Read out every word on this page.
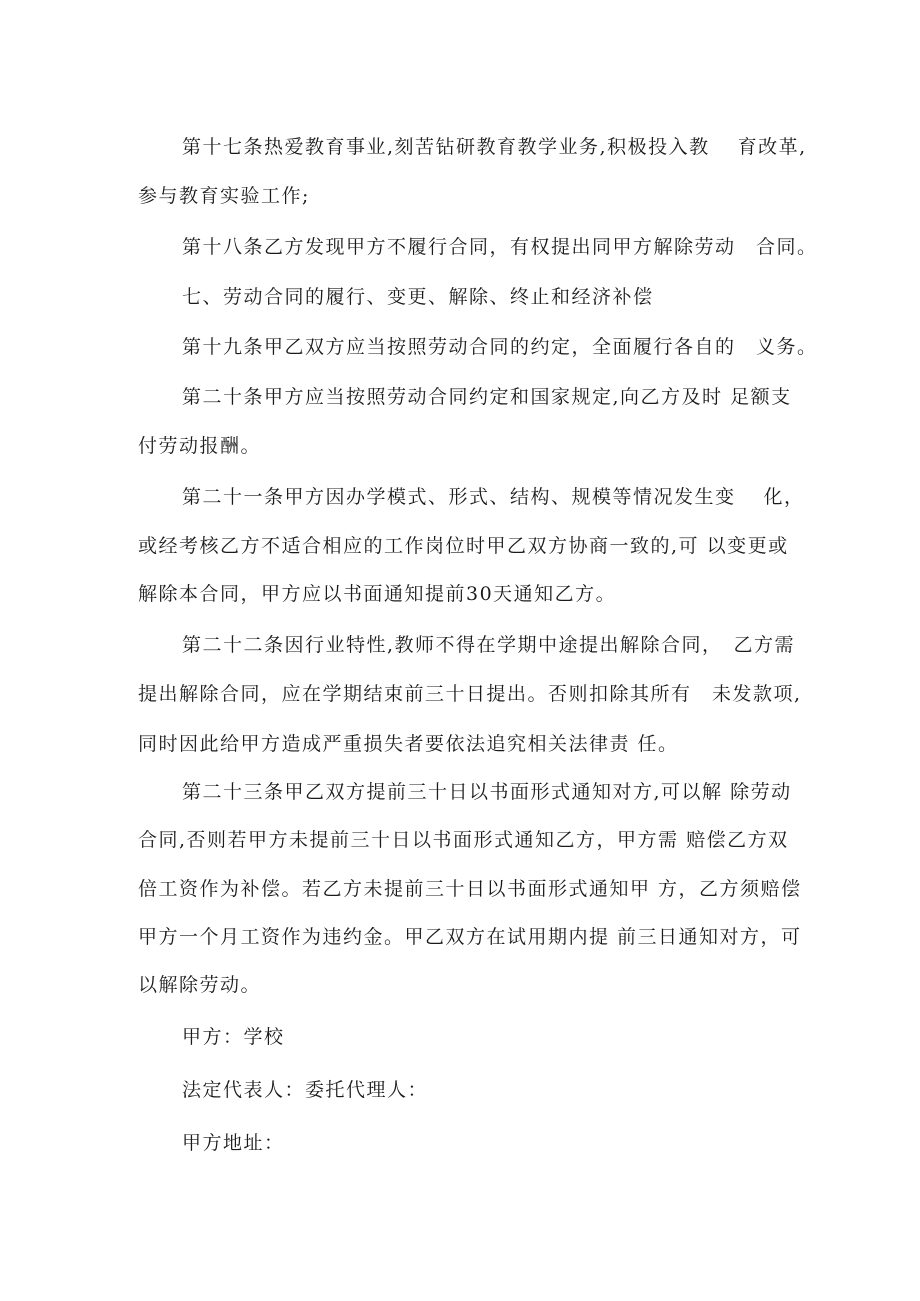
第十七条热爱教育事业,刻苦钻研教育教学业务,积极投入教　 育改革,
参与教育实验工作;
第十八条乙方发现甲方不履行合同，有权提出同甲方解除劳动　合同。
七、劳动合同的履行、变更、解除、终止和经济补偿
第十九条甲乙双方应当按照劳动合同的约定，全面履行各自的　义务。
第二十条甲方应当按照劳动合同约定和国家规定,向乙方及时 足额支
付劳动报酬。
第二十一条甲方因办学模式、形式、结构、规模等情况发生变　 化，
或经考核乙方不适合相应的工作岗位时甲乙双方协商一致的,可 以变更或
解除本合同，甲方应以书面通知提前30天通知乙方。
第二十二条因行业特性,教师不得在学期中途提出解除合同，　乙方需
提出解除合同，应在学期结束前三十日提出。否则扣除其所有　未发款项,
同时因此给甲方造成严重损失者要依法追究相关法律责 任。
第二十三条甲乙双方提前三十日以书面形式通知对方,可以解 除劳动
合同,否则若甲方未提前三十日以书面形式通知乙方，甲方需 赔偿乙方双
倍工资作为补偿。若乙方未提前三十日以书面形式通知甲 方，乙方须赔偿
甲方一个月工资作为违约金。甲乙双方在试用期内提 前三日通知对方，可
以解除劳动。
甲方：学校
法定代表人：委托代理人：
甲方地址：
